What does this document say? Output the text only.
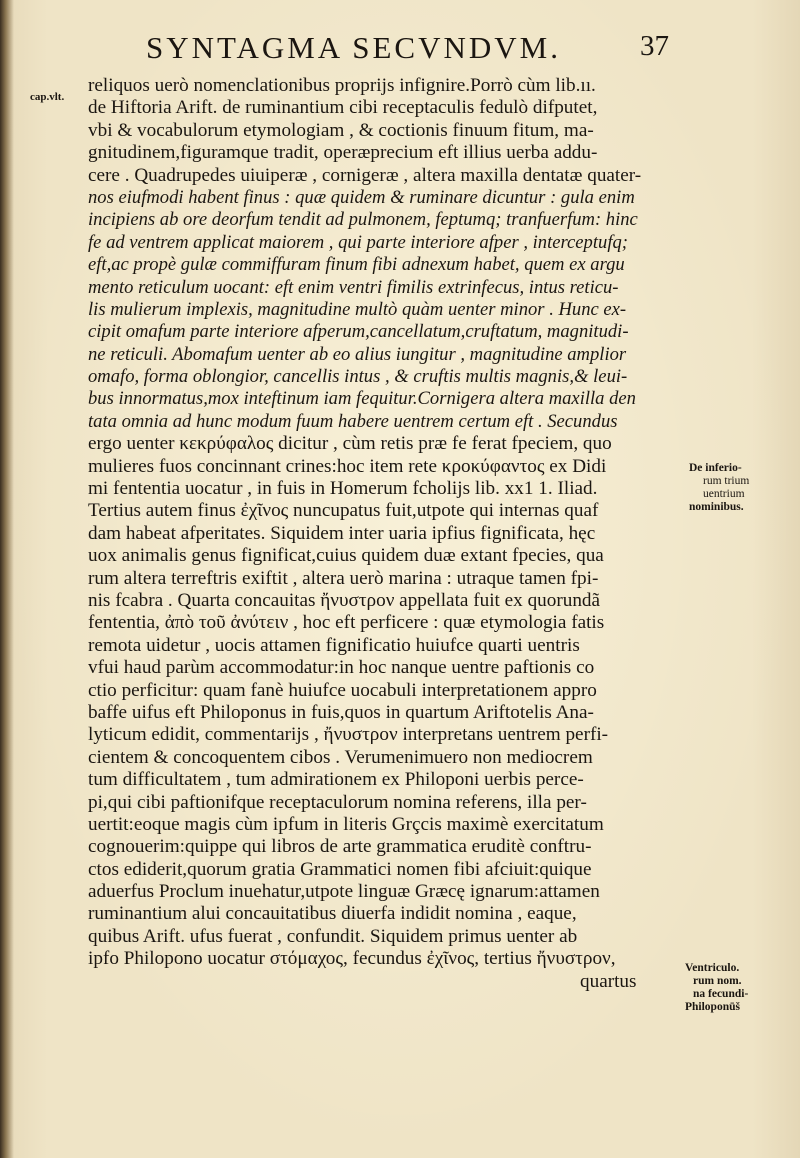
SYNTAGMA SECVNDVM.	37
cap.vlt.
De inferio-
rum trium
uentrium
nominibus.
Ventriculo.
rum nom.
na fecundi-
Philoponūš
reliquos uerò nomenclationibus proprijs infignire.Porrò cùm lib.ıı.
de Hiftoria Arift. de ruminantium cibi receptaculis fedulò difputet,
vbi & vocabulorum etymologiam , & coctionis finuum fitum, ma-
gnitudinem,figuramque tradit, operæprecium eft illius uerba addu-
cere . Quadrupedes uiuiperæ , cornigeræ , altera maxilla dentatæ quater-
nos eiufmodi habent finus : quæ quidem & ruminare dicuntur : gula enim
incipiens ab ore deorfum tendit ad pulmonem, feptumq; tranfuerfum: hinc
fe ad ventrem applicat maiorem , qui parte interiore afper , interceptufq;
eft,ac propè gulæ commiffuram finum fibi adnexum habet, quem ex argu
mento reticulum uocant: eft enim ventri fimilis extrinfecus, intus reticu-
lis mulierum implexis, magnitudine multò quàm uenter minor . Hunc ex-
cipit omafum parte interiore afperum,cancellatum,cruftatum, magnitudi-
ne reticuli. Abomafum uenter ab eo alius iungitur , magnitudine amplior
omafo, forma oblongior, cancellis intus , & cruftis multis magnis,& leui-
bus innormatus,mox inteftinum iam fequitur.Cornigera altera maxilla den
tata omnia ad hunc modum fuum habere uentrem certum eft . Secundus
ergo uenter κεκρύφαλος dicitur , cùm retis præ fe ferat fpeciem, quo
mulieres fuos concinnant crines:hoc item rete κροκύφαντος ex Didi
mi fententia uocatur , in fuis in Homerum fcholijs lib. xx1 1. Iliad.
Tertius autem finus ἐχῖνος nuncupatus fuit,utpote qui internas quaf
dam habeat afperitates. Siquidem inter uaria ipfius fignificata, hęc
uox animalis genus fignificat,cuius quidem duæ extant fpecies, qua
rum altera terreftris exiftit , altera uerò marina : utraque tamen fpi-
nis fcabra . Quarta concauitas ἤνυστρον appellata fuit ex quorundã
fententia, ἀπὸ τοῦ ἀνύτειν , hoc eft perficere : quæ etymologia fatis
remota uidetur , uocis attamen fignificatio huiufce quarti uentris
vfui haud parùm accommodatur:in hoc nanque uentre paftionis co
ctio perficitur: quam fanè huiufce uocabuli interpretationem appro
baffe uifus eft Philoponus in fuis,quos in quartum Ariftotelis Ana-
lyticum edidit, commentarijs , ἤνυστρον interpretans uentrem perfi-
cientem & concoquentem cibos . Verumenimuero non mediocrem
tum difficultatem , tum admirationem ex Philoponi uerbis perce-
pi,qui cibi paftionifque receptaculorum nomina referens, illa per-
uertit:eoque magis cùm ipfum in literis Grçcis maximè exercitatum
cognouerim:quippe qui libros de arte grammatica eruditè conftru-
ctos ediderit,quorum gratia Grammatici nomen fibi afciuit:quique
aduerfus Proclum inuehatur,utpote linguæ Græcę ignarum:attamen
ruminantium alui concauitatibus diuerfa indidit nomina , eaque,
quibus Arift. ufus fuerat , confundit. Siquidem primus uenter ab
ipfo Philopono uocatur στόμαχος, fecundus ἐχῖνος, tertius ἤνυστρον,
quartus
